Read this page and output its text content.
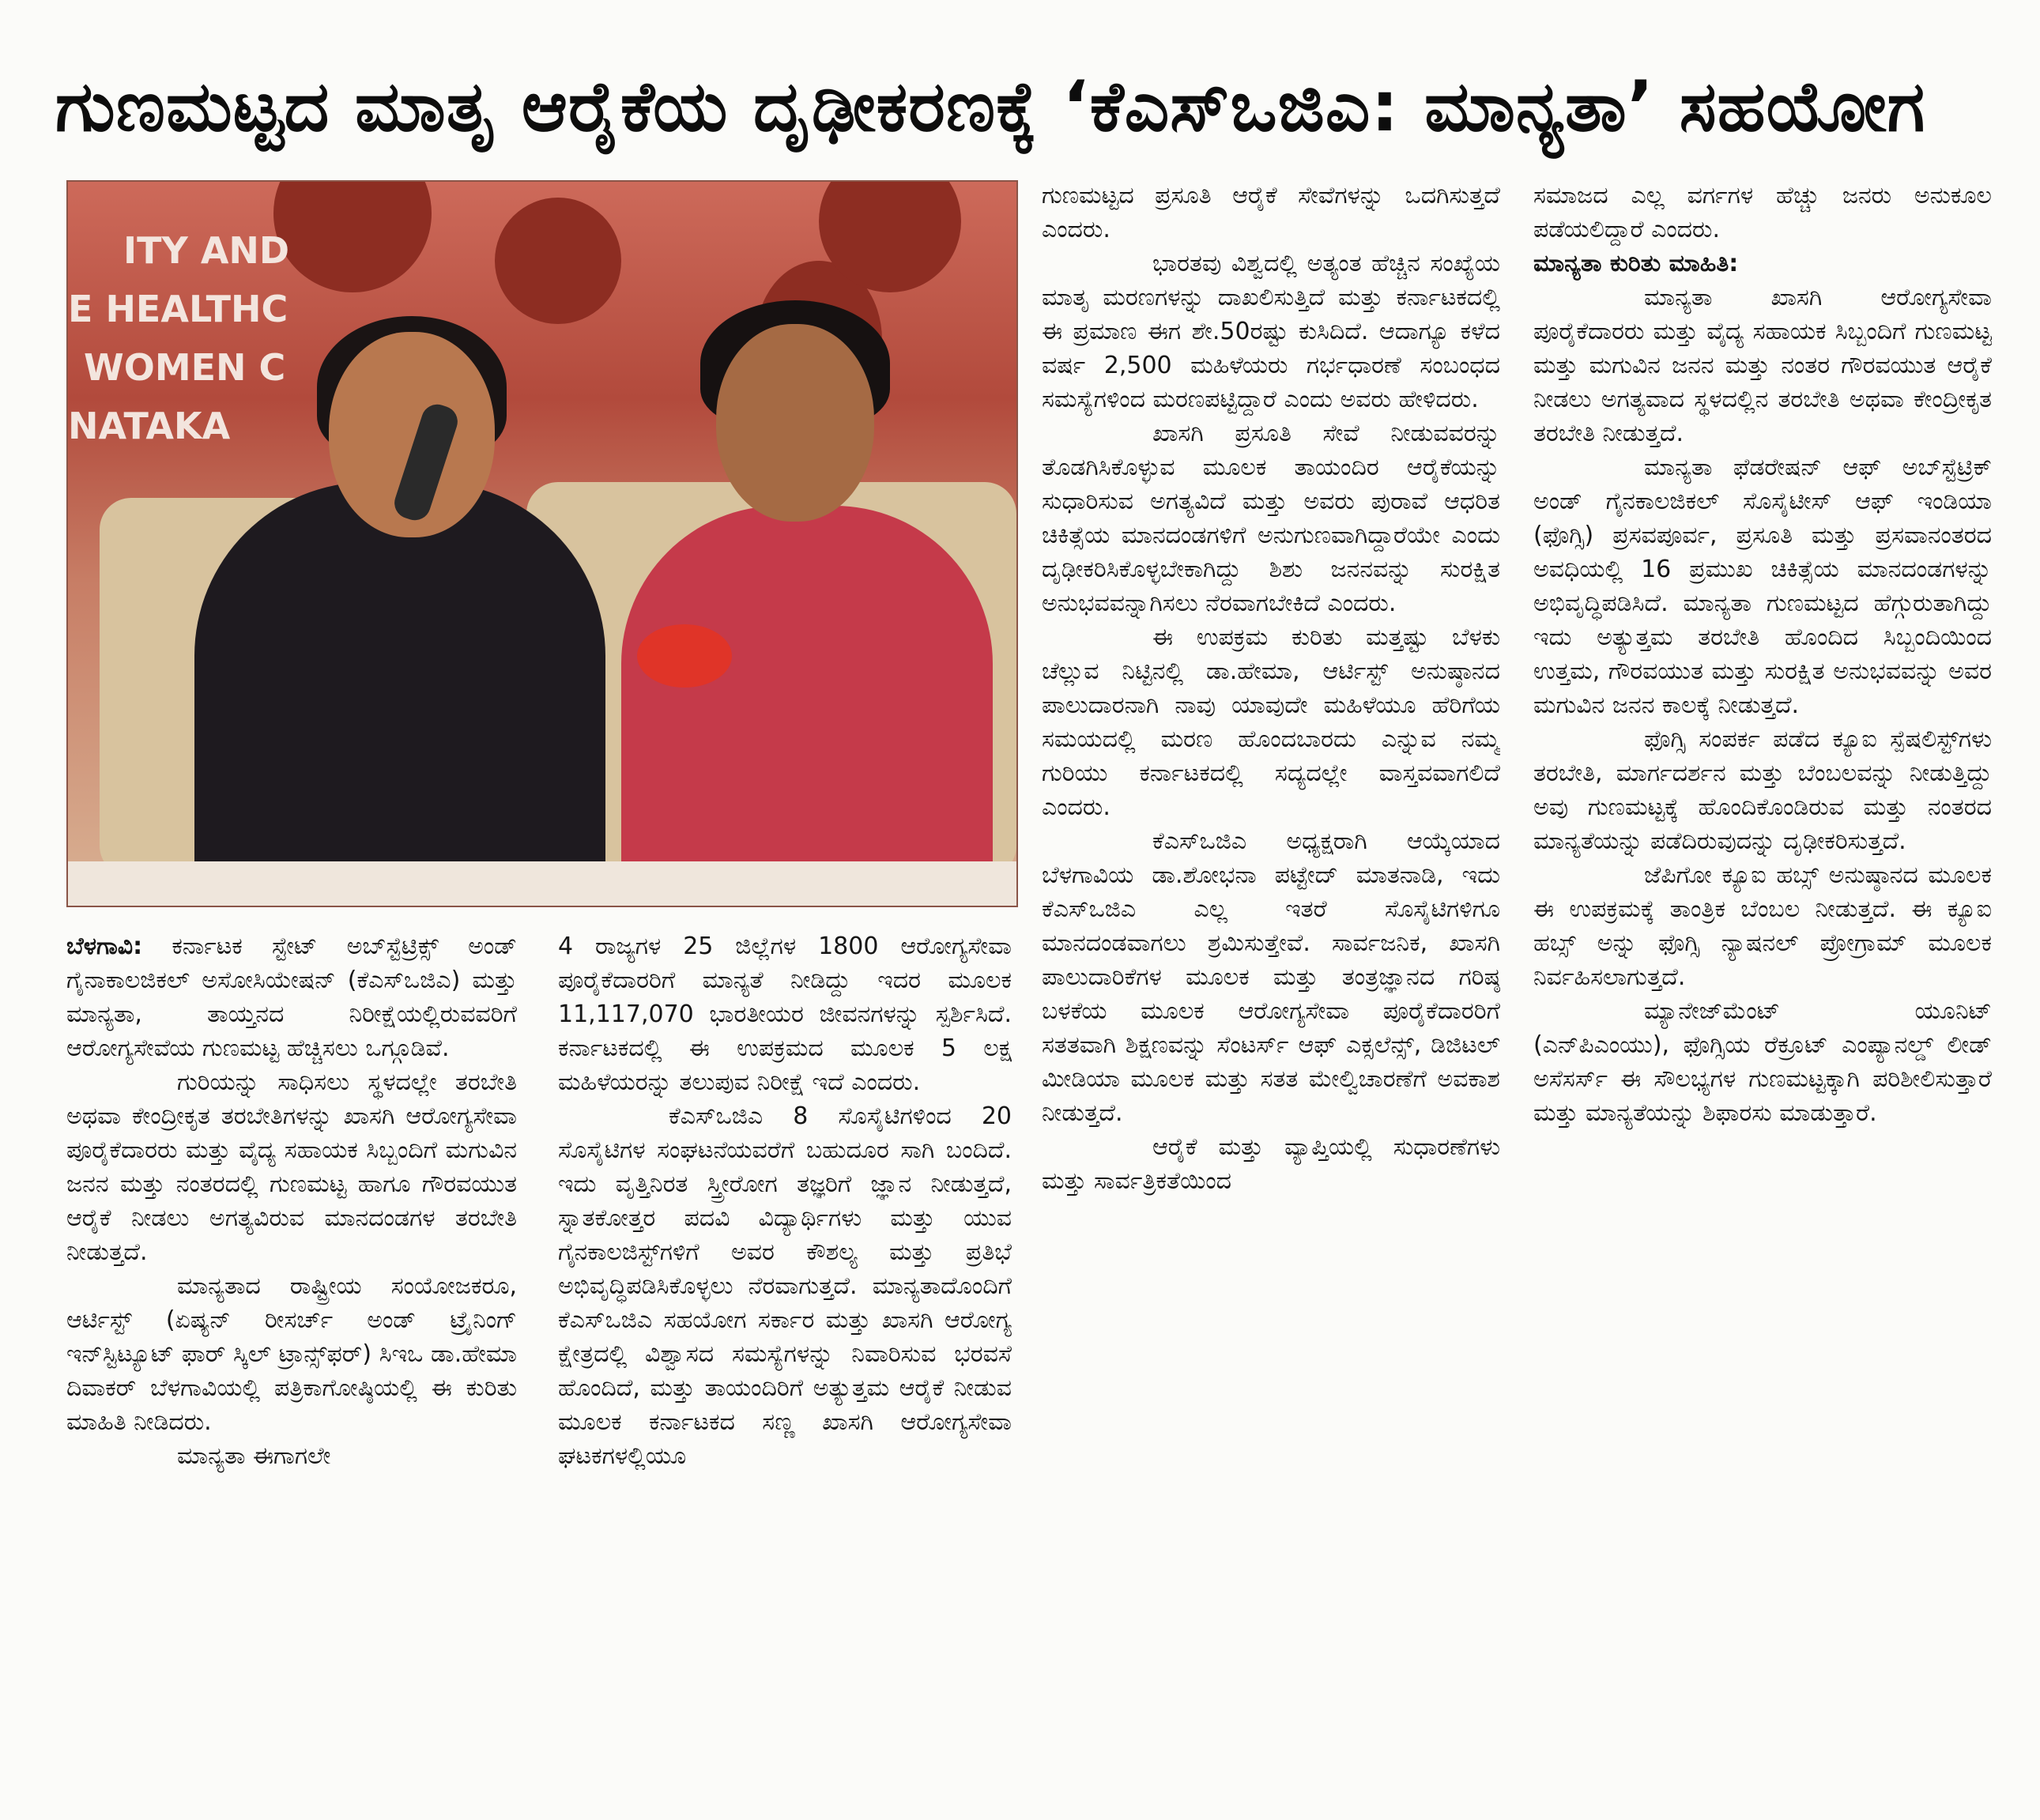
ಗುಣಮಟ್ಟದ ಮಾತೃ ಆರೈಕೆಯ ದೃಢೀಕರಣಕ್ಕೆ ‘ಕೆಎಸ್‌ಒಜಿಎ: ಮಾನ್ಯತಾ’ ಸಹಯೋಗ
ITY AND
E HEALTHC
WOMEN C
NATAKA

ಬೆಳಗಾವಿ: ಕರ್ನಾಟಕ ಸ್ಟೇಟ್ ಅಬ್‌ಸ್ಟೆಟ್ರಿಕ್ಸ್ ಅಂಡ್ ಗೈನಾಕಾಲಜಿಕಲ್ ಅಸೋಸಿಯೇಷನ್ (ಕೆಎಸ್‌ಒಜಿಎ) ಮತ್ತು ಮಾನ್ಯತಾ, ತಾಯ್ತನದ ನಿರೀಕ್ಷೆಯಲ್ಲಿರುವವರಿಗೆ ಆರೋಗ್ಯಸೇವೆಯ ಗುಣಮಟ್ಟ ಹೆಚ್ಚಿಸಲು ಒಗ್ಗೂಡಿವೆ.

ಗುರಿಯನ್ನು ಸಾಧಿಸಲು ಸ್ಥಳದಲ್ಲೇ ತರಬೇತಿ ಅಥವಾ ಕೇಂದ್ರೀಕೃತ ತರಬೇತಿಗಳನ್ನು ಖಾಸಗಿ ಆರೋಗ್ಯಸೇವಾ ಪೂರೈಕೆದಾರರು ಮತ್ತು ವೈದ್ಯ ಸಹಾಯಕ ಸಿಬ್ಬಂದಿಗೆ ಮಗುವಿನ ಜನನ ಮತ್ತು ನಂತರದಲ್ಲಿ ಗುಣಮಟ್ಟ ಹಾಗೂ ಗೌರವಯುತ ಆರೈಕೆ ನೀಡಲು ಅಗತ್ಯವಿರುವ ಮಾನದಂಡಗಳ ತರಬೇತಿ ನೀಡುತ್ತದೆ.

ಮಾನ್ಯತಾದ ರಾಷ್ಟ್ರೀಯ ಸಂಯೋಜಕರೂ, ಆರ್ಟಿಸ್ಟ್ (ಏಷ್ಯನ್ ರೀಸರ್ಚ್ ಅಂಡ್ ಟ್ರೈನಿಂಗ್ ಇನ್‌ಸ್ಟಿಟ್ಯೂಟ್ ಫಾರ್ ಸ್ಕಿಲ್ ಟ್ರಾನ್ಸ್‌ಫರ್) ಸಿಇಒ ಡಾ.ಹೇಮಾ ದಿವಾಕರ್ ಬೆಳಗಾವಿಯಲ್ಲಿ ಪತ್ರಿಕಾಗೋಷ್ಠಿಯಲ್ಲಿ ಈ ಕುರಿತು ಮಾಹಿತಿ ನೀಡಿದರು.

ಮಾನ್ಯತಾ ಈಗಾಗಲೇ

4 ರಾಜ್ಯಗಳ 25 ಜಿಲ್ಲೆಗಳ 1800 ಆರೋಗ್ಯಸೇವಾ ಪೂರೈಕೆದಾರರಿಗೆ ಮಾನ್ಯತೆ ನೀಡಿದ್ದು ಇದರ ಮೂಲಕ 11,117,070 ಭಾರತೀಯರ ಜೀವನಗಳನ್ನು ಸ್ಪರ್ಶಿಸಿದೆ. ಕರ್ನಾಟಕದಲ್ಲಿ ಈ ಉಪಕ್ರಮದ ಮೂಲಕ 5 ಲಕ್ಷ ಮಹಿಳೆಯರನ್ನು ತಲುಪುವ ನಿರೀಕ್ಷೆ ಇದೆ ಎಂದರು.

ಕೆಎಸ್‌ಒಜಿಎ 8 ಸೊಸೈಟಿಗಳಿಂದ 20 ಸೊಸೈಟಿಗಳ ಸಂಘಟನೆಯವರೆಗೆ ಬಹುದೂರ ಸಾಗಿ ಬಂದಿದೆ. ಇದು ವೃತ್ತಿನಿರತ ಸ್ತ್ರೀರೋಗ ತಜ್ಞರಿಗೆ ಜ್ಞಾನ ನೀಡುತ್ತದೆ, ಸ್ನಾತಕೋತ್ತರ ಪದವಿ ವಿದ್ಯಾರ್ಥಿಗಳು ಮತ್ತು ಯುವ ಗೈನಕಾಲಜಿಸ್ಟ್‌ಗಳಿಗೆ ಅವರ ಕೌಶಲ್ಯ ಮತ್ತು ಪ್ರತಿಭೆ ಅಭಿವೃದ್ಧಿಪಡಿಸಿಕೊಳ್ಳಲು ನೆರವಾಗುತ್ತದೆ. ಮಾನ್ಯತಾದೊಂದಿಗೆ ಕೆಎಸ್‌ಒಜಿಎ ಸಹಯೋಗ ಸರ್ಕಾರ ಮತ್ತು ಖಾಸಗಿ ಆರೋಗ್ಯ ಕ್ಷೇತ್ರದಲ್ಲಿ ವಿಶ್ವಾಸದ ಸಮಸ್ಯೆಗಳನ್ನು ನಿವಾರಿಸುವ ಭರವಸೆ ಹೊಂದಿದೆ, ಮತ್ತು ತಾಯಂದಿರಿಗೆ ಅತ್ಯುತ್ತಮ ಆರೈಕೆ ನೀಡುವ ಮೂಲಕ ಕರ್ನಾಟಕದ ಸಣ್ಣ ಖಾಸಗಿ ಆರೋಗ್ಯಸೇವಾ ಘಟಕಗಳಲ್ಲಿಯೂ

ಗುಣಮಟ್ಟದ ಪ್ರಸೂತಿ ಆರೈಕೆ ಸೇವೆಗಳನ್ನು ಒದಗಿಸುತ್ತದೆ ಎಂದರು.

ಭಾರತವು ವಿಶ್ವದಲ್ಲಿ ಅತ್ಯಂತ ಹೆಚ್ಚಿನ ಸಂಖ್ಯೆಯ ಮಾತೃ ಮರಣಗಳನ್ನು ದಾಖಲಿಸುತ್ತಿದೆ ಮತ್ತು ಕರ್ನಾಟಕದಲ್ಲಿ ಈ ಪ್ರಮಾಣ ಈಗ ಶೇ.50ರಷ್ಟು ಕುಸಿದಿದೆ. ಆದಾಗ್ಯೂ ಕಳೆದ ವರ್ಷ 2,500 ಮಹಿಳೆಯರು ಗರ್ಭಧಾರಣೆ ಸಂಬಂಧದ ಸಮಸ್ಯೆಗಳಿಂದ ಮರಣಪಟ್ಟಿದ್ದಾರೆ ಎಂದು ಅವರು ಹೇಳಿದರು.

ಖಾಸಗಿ ಪ್ರಸೂತಿ ಸೇವೆ ನೀಡುವವರನ್ನು ತೊಡಗಿಸಿಕೊಳ್ಳುವ ಮೂಲಕ ತಾಯಂದಿರ ಆರೈಕೆಯನ್ನು ಸುಧಾರಿಸುವ ಅಗತ್ಯವಿದೆ ಮತ್ತು ಅವರು ಪುರಾವೆ ಆಧರಿತ ಚಿಕಿತ್ಸೆಯ ಮಾನದಂಡಗಳಿಗೆ ಅನುಗುಣವಾಗಿದ್ದಾರೆಯೇ ಎಂದು ದೃಢೀಕರಿಸಿಕೊಳ್ಳಬೇಕಾಗಿದ್ದು ಶಿಶು ಜನನವನ್ನು ಸುರಕ್ಷಿತ ಅನುಭವವನ್ನಾಗಿಸಲು ನೆರವಾಗಬೇಕಿದೆ ಎಂದರು.

ಈ ಉಪಕ್ರಮ ಕುರಿತು ಮತ್ತಷ್ಟು ಬೆಳಕು ಚೆಲ್ಲುವ ನಿಟ್ಟಿನಲ್ಲಿ ಡಾ.ಹೇಮಾ, ಆರ್ಟಿಸ್ಟ್ ಅನುಷ್ಠಾನದ ಪಾಲುದಾರನಾಗಿ ನಾವು ಯಾವುದೇ ಮಹಿಳೆಯೂ ಹೆರಿಗೆಯ ಸಮಯದಲ್ಲಿ ಮರಣ ಹೊಂದಬಾರದು ಎನ್ನುವ ನಮ್ಮ ಗುರಿಯು ಕರ್ನಾಟಕದಲ್ಲಿ ಸದ್ಯದಲ್ಲೇ ವಾಸ್ತವವಾಗಲಿದೆ ಎಂದರು.

ಕೆಎಸ್‌ಒಜಿಎ ಅಧ್ಯಕ್ಷರಾಗಿ ಆಯ್ಕೆಯಾದ ಬೆಳಗಾವಿಯ ಡಾ.ಶೋಭನಾ ಪಟ್ಟೇದ್ ಮಾತನಾಡಿ, ಇದು ಕೆಎಸ್‌ಒಜಿಎ ಎಲ್ಲ ಇತರೆ ಸೊಸೈಟಿಗಳಿಗೂ ಮಾನದಂಡವಾಗಲು ಶ್ರಮಿಸುತ್ತೇವೆ. ಸಾರ್ವಜನಿಕ, ಖಾಸಗಿ ಪಾಲುದಾರಿಕೆಗಳ ಮೂಲಕ ಮತ್ತು ತಂತ್ರಜ್ಞಾನದ ಗರಿಷ್ಠ ಬಳಕೆಯ ಮೂಲಕ ಆರೋಗ್ಯಸೇವಾ ಪೂರೈಕೆದಾರರಿಗೆ ಸತತವಾಗಿ ಶಿಕ್ಷಣವನ್ನು ಸೆಂಟರ್ಸ್ ಆಫ್ ಎಕ್ಸಲೆನ್ಸ್, ಡಿಜಿಟಲ್ ಮೀಡಿಯಾ ಮೂಲಕ ಮತ್ತು ಸತತ ಮೇಲ್ವಿಚಾರಣೆಗೆ ಅವಕಾಶ ನೀಡುತ್ತದೆ.

ಆರೈಕೆ ಮತ್ತು ವ್ಯಾಪ್ತಿಯಲ್ಲಿ ಸುಧಾರಣೆಗಳು ಮತ್ತು ಸಾರ್ವತ್ರಿಕತೆಯಿಂದ

ಸಮಾಜದ ಎಲ್ಲ ವರ್ಗಗಳ ಹೆಚ್ಚು ಜನರು ಅನುಕೂಲ ಪಡೆಯಲಿದ್ದಾರೆ ಎಂದರು.

ಮಾನ್ಯತಾ ಕುರಿತು ಮಾಹಿತಿ:

ಮಾನ್ಯತಾ ಖಾಸಗಿ ಆರೋಗ್ಯಸೇವಾ ಪೂರೈಕೆದಾರರು ಮತ್ತು ವೈದ್ಯ ಸಹಾಯಕ ಸಿಬ್ಬಂದಿಗೆ ಗುಣಮಟ್ಟ ಮತ್ತು ಮಗುವಿನ ಜನನ ಮತ್ತು ನಂತರ ಗೌರವಯುತ ಆರೈಕೆ ನೀಡಲು ಅಗತ್ಯವಾದ ಸ್ಥಳದಲ್ಲಿನ ತರಬೇತಿ ಅಥವಾ ಕೇಂದ್ರೀಕೃತ ತರಬೇತಿ ನೀಡುತ್ತದೆ.

ಮಾನ್ಯತಾ ಫೆಡರೇಷನ್ ಆಫ್ ಅಬ್‌ಸ್ಟೆಟ್ರಿಕ್ ಅಂಡ್ ಗೈನಕಾಲಜಿಕಲ್ ಸೊಸೈಟೀಸ್ ಆಫ್ ಇಂಡಿಯಾ (ಫೊಗ್ಸಿ) ಪ್ರಸವಪೂರ್ವ, ಪ್ರಸೂತಿ ಮತ್ತು ಪ್ರಸವಾನಂತರದ ಅವಧಿಯಲ್ಲಿ 16 ಪ್ರಮುಖ ಚಿಕಿತ್ಸೆಯ ಮಾನದಂಡಗಳನ್ನು ಅಭಿವೃದ್ಧಿಪಡಿಸಿದೆ. ಮಾನ್ಯತಾ ಗುಣಮಟ್ಟದ ಹೆಗ್ಗುರುತಾಗಿದ್ದು ಇದು ಅತ್ಯುತ್ತಮ ತರಬೇತಿ ಹೊಂದಿದ ಸಿಬ್ಬಂದಿಯಿಂದ ಉತ್ತಮ, ಗೌರವಯುತ ಮತ್ತು ಸುರಕ್ಷಿತ ಅನುಭವವನ್ನು ಅವರ ಮಗುವಿನ ಜನನ ಕಾಲಕ್ಕೆ ನೀಡುತ್ತದೆ.

ಫೊಗ್ಸಿ ಸಂಪರ್ಕ ಪಡೆದ ಕ್ಯೂಐ ಸ್ಪೆಷಲಿಸ್ಟ್‌ಗಳು ತರಬೇತಿ, ಮಾರ್ಗದರ್ಶನ ಮತ್ತು ಬೆಂಬಲವನ್ನು ನೀಡುತ್ತಿದ್ದು ಅವು ಗುಣಮಟ್ಟಕ್ಕೆ ಹೊಂದಿಕೊಂಡಿರುವ ಮತ್ತು ನಂತರದ ಮಾನ್ಯತೆಯನ್ನು ಪಡೆದಿರುವುದನ್ನು ದೃಢೀಕರಿಸುತ್ತದೆ.

ಜೆಪಿಗೋ ಕ್ಯೂಐ ಹಬ್ಸ್ ಅನುಷ್ಠಾನದ ಮೂಲಕ ಈ ಉಪಕ್ರಮಕ್ಕೆ ತಾಂತ್ರಿಕ ಬೆಂಬಲ ನೀಡುತ್ತದೆ. ಈ ಕ್ಯೂಐ ಹಬ್ಸ್ ಅನ್ನು ಫೊಗ್ಸಿ ನ್ಯಾಷನಲ್ ಪ್ರೋಗ್ರಾಮ್ ಮೂಲಕ ನಿರ್ವಹಿಸಲಾಗುತ್ತದೆ.

ಮ್ಯಾನೇಜ್‌ಮೆಂಟ್ ಯೂನಿಟ್ (ಎನ್‌ಪಿಎಂಯು), ಫೊಗ್ಸಿಯ ರೆಕ್ರೂಟ್ ಎಂಪ್ಯಾನಲ್ಡ್ ಲೀಡ್ ಅಸೆಸರ್ಸ್ ಈ ಸೌಲಭ್ಯಗಳ ಗುಣಮಟ್ಟಕ್ಕಾಗಿ ಪರಿಶೀಲಿಸುತ್ತಾರೆ ಮತ್ತು ಮಾನ್ಯತೆಯನ್ನು ಶಿಫಾರಸು ಮಾಡುತ್ತಾರೆ.
